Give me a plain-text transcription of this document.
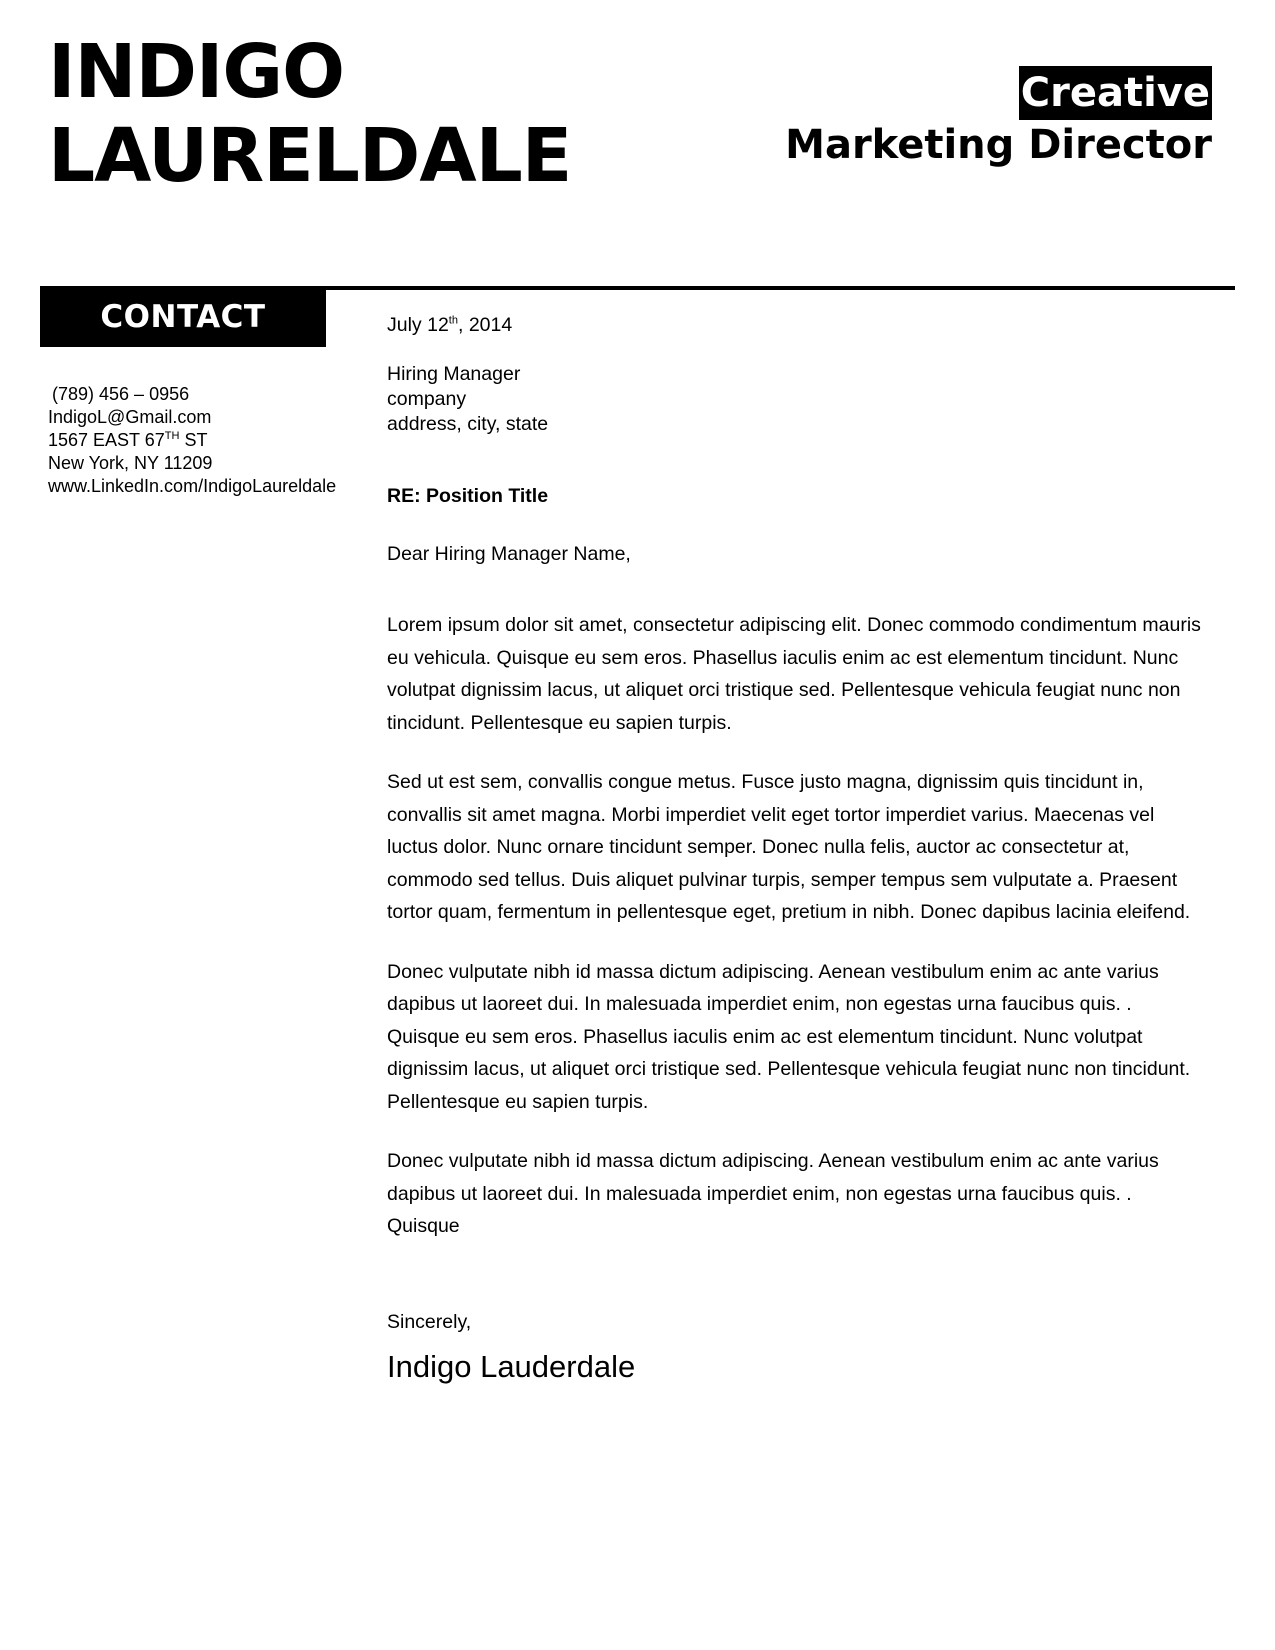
INDIGO
LAURELDALE
Creative
Marketing Director
CONTACT
(789) 456 – 0956
IndigoL@Gmail.com
1567 EAST 67TH ST
New York, NY 11209
www.LinkedIn.com/IndigoLaureldale

July 12th, 2014

Hiring Manager
company
address, city, state
RE: Position Title
Dear Hiring Manager Name,

Lorem ipsum dolor sit amet, consectetur adipiscing elit. Donec commodo condimentum mauris eu vehicula. Quisque eu sem eros. Phasellus iaculis enim ac est elementum tincidunt. Nunc volutpat dignissim lacus, ut aliquet orci tristique sed. Pellentesque vehicula feugiat nunc non tincidunt. Pellentesque eu sapien turpis.

Sed ut est sem, convallis congue metus. Fusce justo magna, dignissim quis tincidunt in, convallis sit amet magna. Morbi imperdiet velit eget tortor imperdiet varius. Maecenas vel luctus dolor. Nunc ornare tincidunt semper. Donec nulla felis, auctor ac consectetur at, commodo sed tellus. Duis aliquet pulvinar turpis, semper tempus sem vulputate a. Praesent tortor quam, fermentum in pellentesque eget, pretium in nibh. Donec dapibus lacinia eleifend.

Donec vulputate nibh id massa dictum adipiscing. Aenean vestibulum enim ac ante varius dapibus ut laoreet dui. In malesuada imperdiet enim, non egestas urna faucibus quis. . Quisque eu sem eros. Phasellus iaculis enim ac est elementum tincidunt. Nunc volutpat dignissim lacus, ut aliquet orci tristique sed. Pellentesque vehicula feugiat nunc non tincidunt. Pellentesque eu sapien turpis.

Donec vulputate nibh id massa dictum adipiscing. Aenean vestibulum enim ac ante varius dapibus ut laoreet dui. In malesuada imperdiet enim, non egestas urna faucibus quis. . Quisque

Sincerely,
Indigo Lauderdale
